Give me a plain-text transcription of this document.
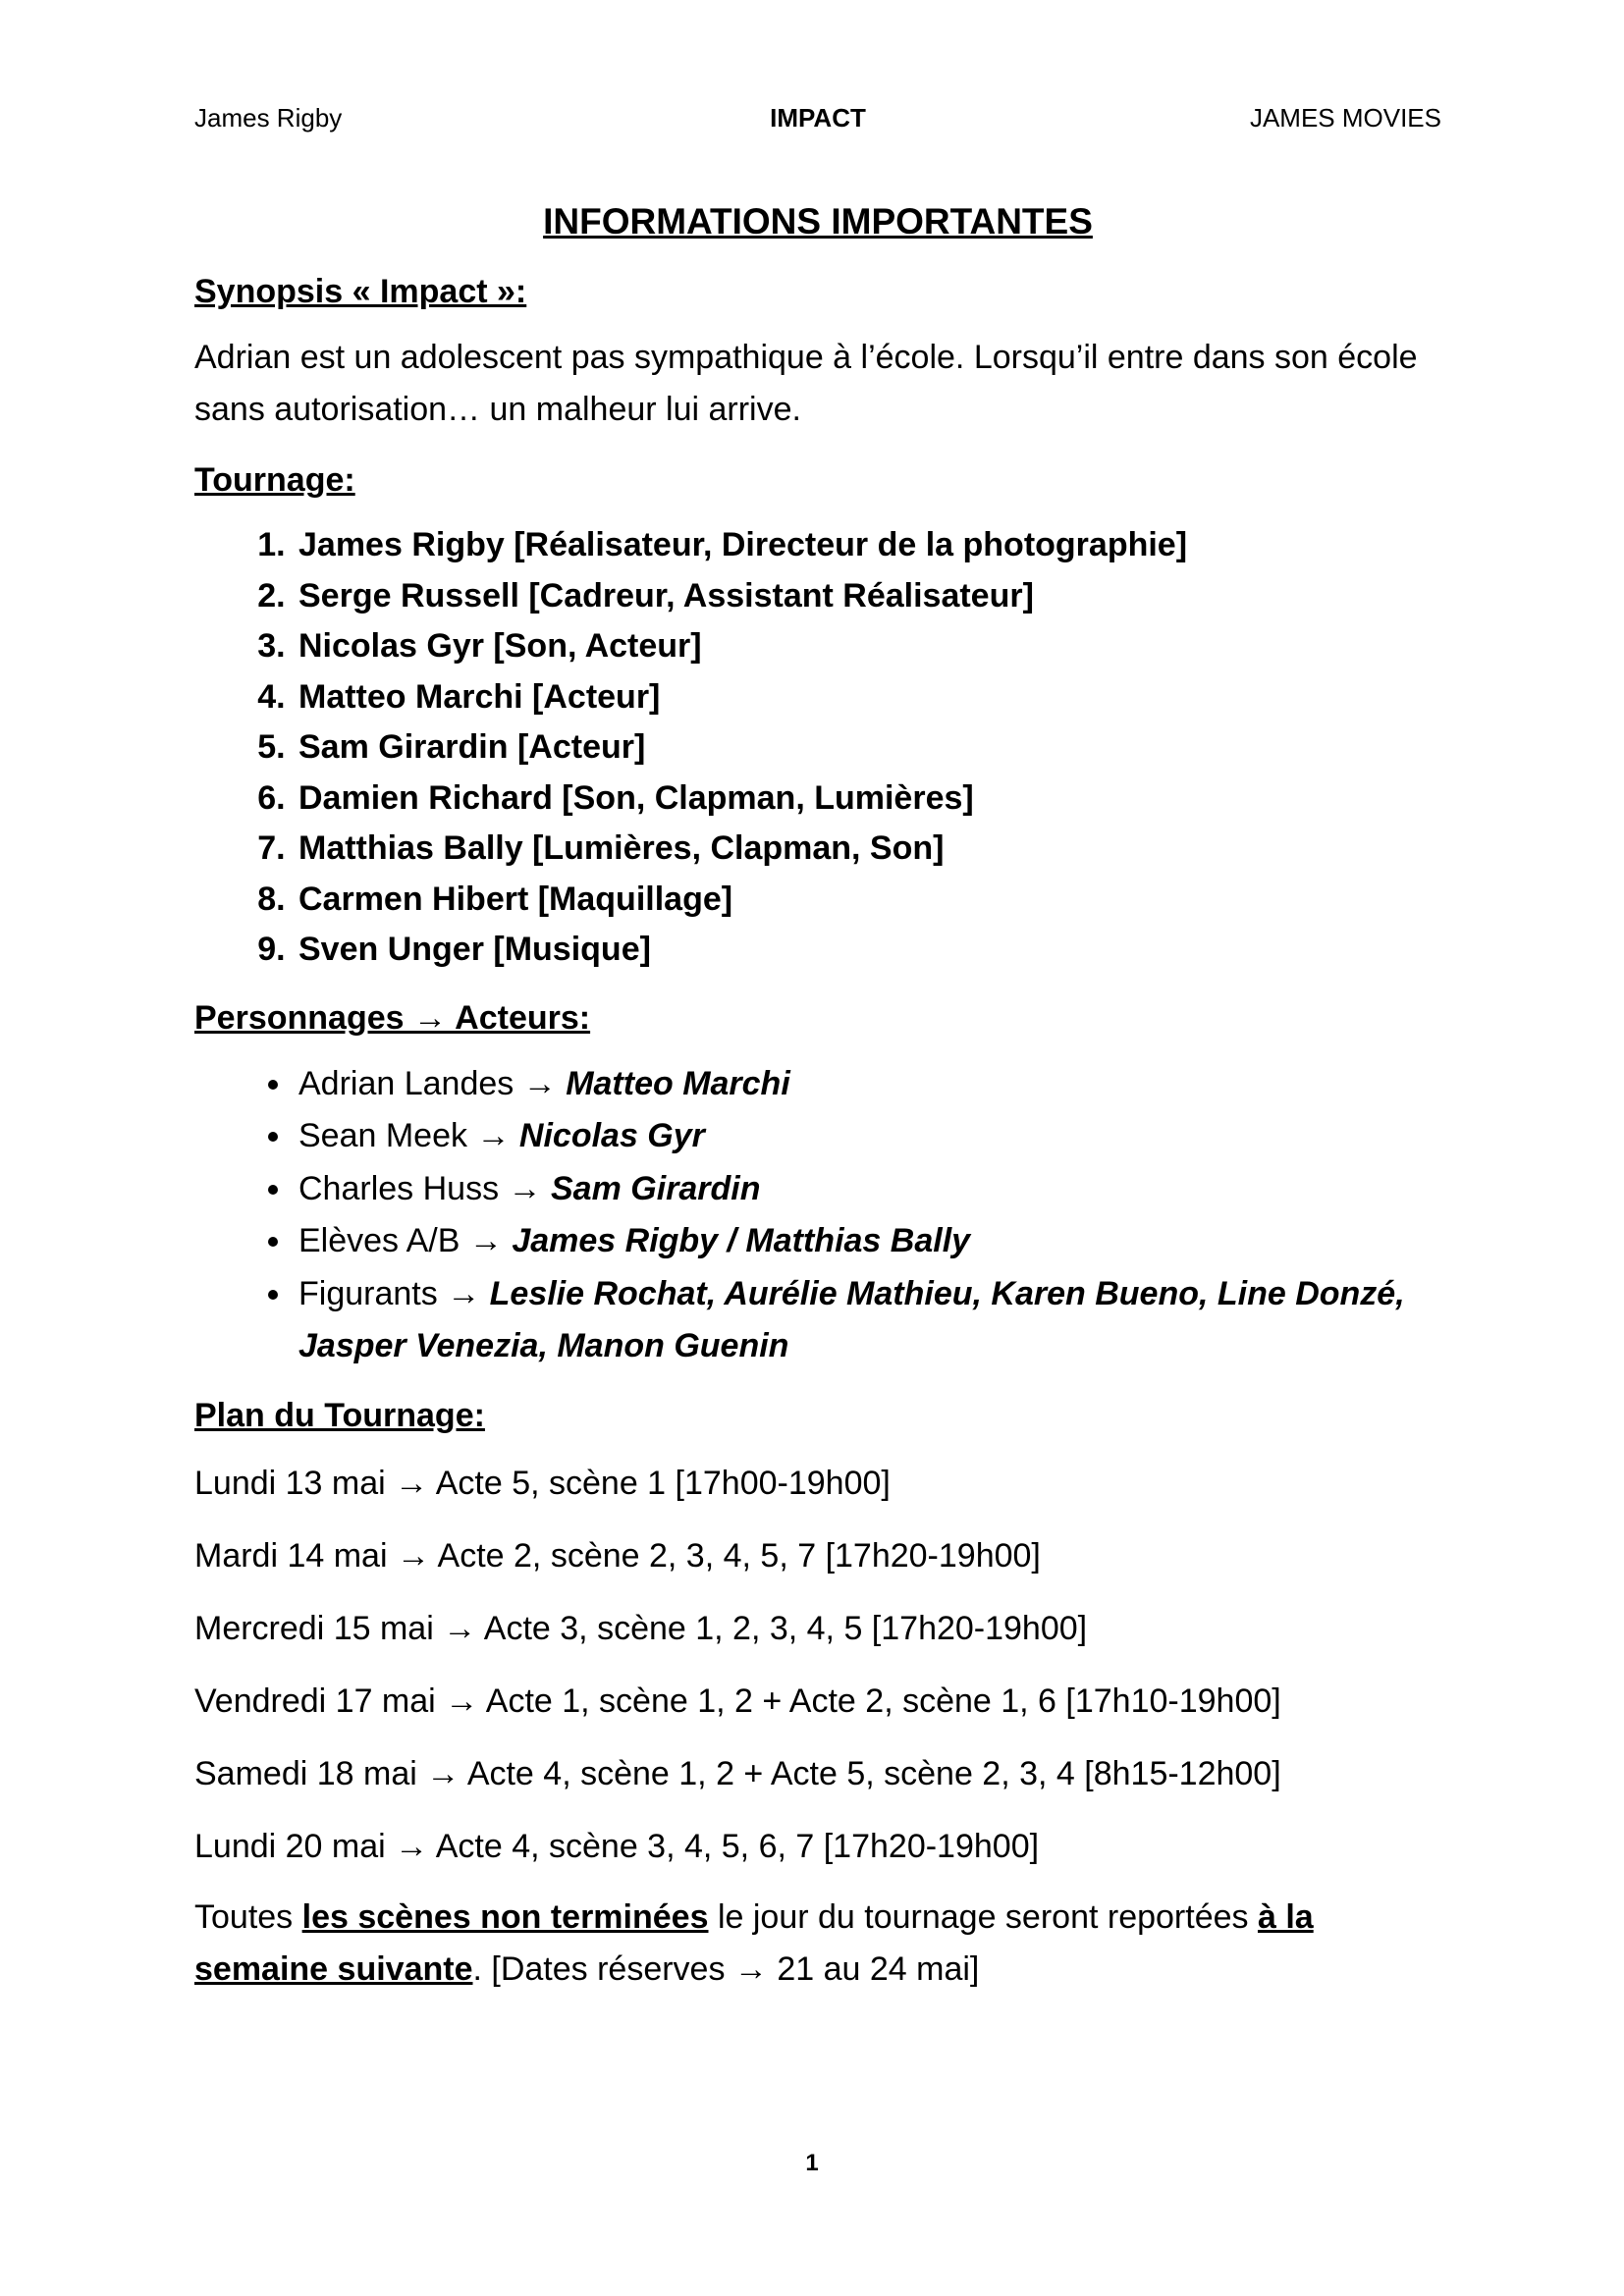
James Rigby	IMPACT	JAMES MOVIES
INFORMATIONS IMPORTANTES
Synopsis « Impact »:
Adrian est un adolescent pas sympathique à l’école. Lorsqu’il entre dans son école sans autorisation… un malheur lui arrive.
Tournage:
1. James Rigby [Réalisateur, Directeur de la photographie]
2. Serge Russell [Cadreur, Assistant Réalisateur]
3. Nicolas Gyr [Son, Acteur]
4. Matteo Marchi [Acteur]
5. Sam Girardin [Acteur]
6. Damien Richard [Son, Clapman, Lumières]
7. Matthias Bally [Lumières, Clapman, Son]
8. Carmen Hibert [Maquillage]
9. Sven Unger [Musique]
Personnages → Acteurs:
• Adrian Landes → Matteo Marchi
• Sean Meek → Nicolas Gyr
• Charles Huss → Sam Girardin
• Elèves A/B → James Rigby / Matthias Bally
• Figurants → Leslie Rochat, Aurélie Mathieu, Karen Bueno, Line Donzé, Jasper Venezia, Manon Guenin
Plan du Tournage:
Lundi 13 mai → Acte 5, scène 1 [17h00-19h00]
Mardi 14 mai → Acte 2, scène 2, 3, 4, 5, 7 [17h20-19h00]
Mercredi 15 mai → Acte 3, scène 1, 2, 3, 4, 5 [17h20-19h00]
Vendredi 17 mai → Acte 1, scène 1, 2 + Acte 2, scène 1, 6 [17h10-19h00]
Samedi 18 mai → Acte 4, scène 1, 2 + Acte 5, scène 2, 3, 4 [8h15-12h00]
Lundi 20 mai → Acte 4, scène 3, 4, 5, 6, 7 [17h20-19h00]
Toutes les scènes non terminées le jour du tournage seront reportées à la semaine suivante. [Dates réserves → 21 au 24 mai]
1
